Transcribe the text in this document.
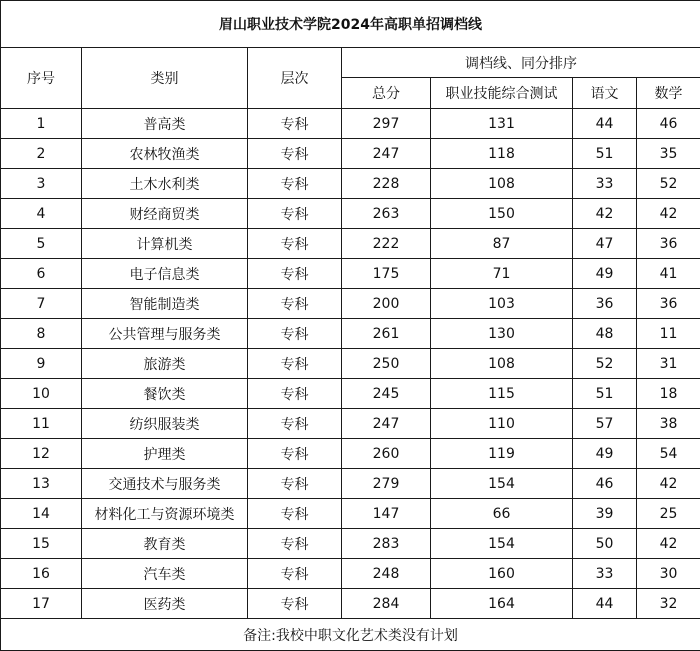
眉山职业技术学院2024年高职单招调档线						
序号	类别	层次	调档线、同分排序			
			总分	职业技能综合测试	语文	数学
1	普高类	专科	297	131	44	46
2	农林牧渔类	专科	247	118	51	35
3	土木水利类	专科	228	108	33	52
4	财经商贸类	专科	263	150	42	42
5	计算机类	专科	222	87	47	36
6	电子信息类	专科	175	71	49	41
7	智能制造类	专科	200	103	36	36
8	公共管理与服务类	专科	261	130	48	11
9	旅游类	专科	250	108	52	31
10	餐饮类	专科	245	115	51	18
11	纺织服装类	专科	247	110	57	38
12	护理类	专科	260	119	49	54
13	交通技术与服务类	专科	279	154	46	42
14	材料化工与资源环境类	专科	147	66	39	25
15	教育类	专科	283	154	50	42
16	汽车类	专科	248	160	33	30
17	医药类	专科	284	164	44	32
备注:我校中职文化艺术类没有计划						
